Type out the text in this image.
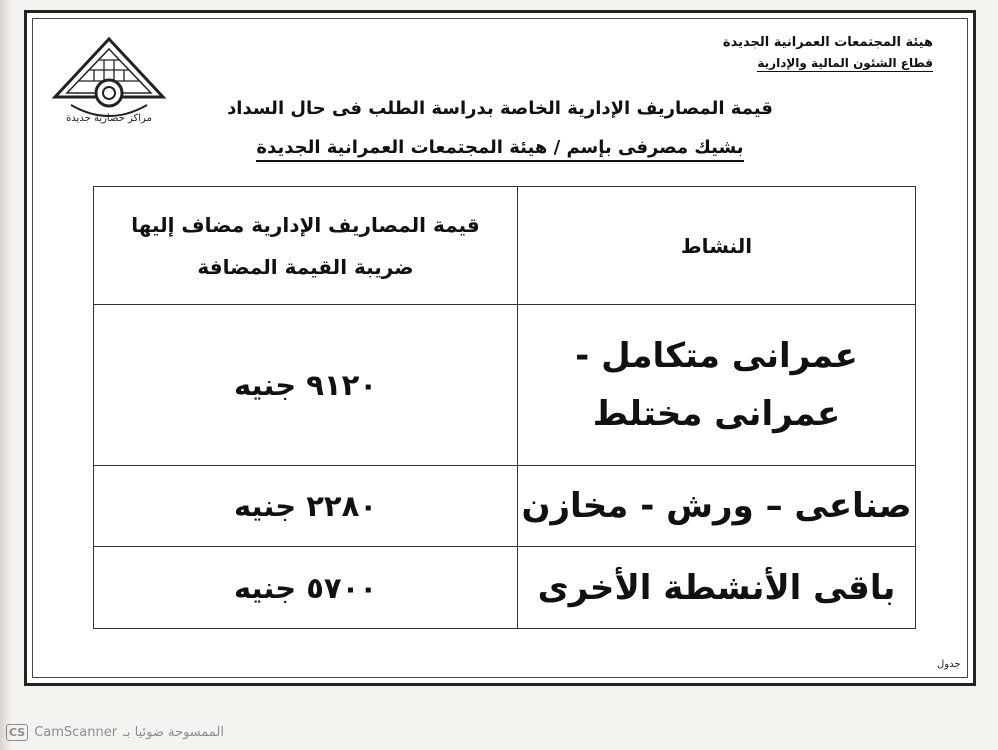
مراكز حضارية جديدة
هيئة المجتمعات العمرانية الجديدة
قطاع الشئون المالية والإدارية
قيمة المصاريف الإدارية الخاصة بدراسة الطلب فى حال السداد
بشيك مصرفى بإسم / هيئة المجتمعات العمرانية الجديدة
النشاط	قيمة المصاريف الإدارية مضاف إليها
ضريبة القيمة المضافة

عمرانى متكامل -
عمرانى مختلط	٩١٢٠ جنيه
صناعى – ورش - مخازن	٢٢٨٠ جنيه
باقى الأنشطة الأخرى	٥٧٠٠ جنيه
جدول
CS CamScanner الممسوحة ضوئيا بـ
